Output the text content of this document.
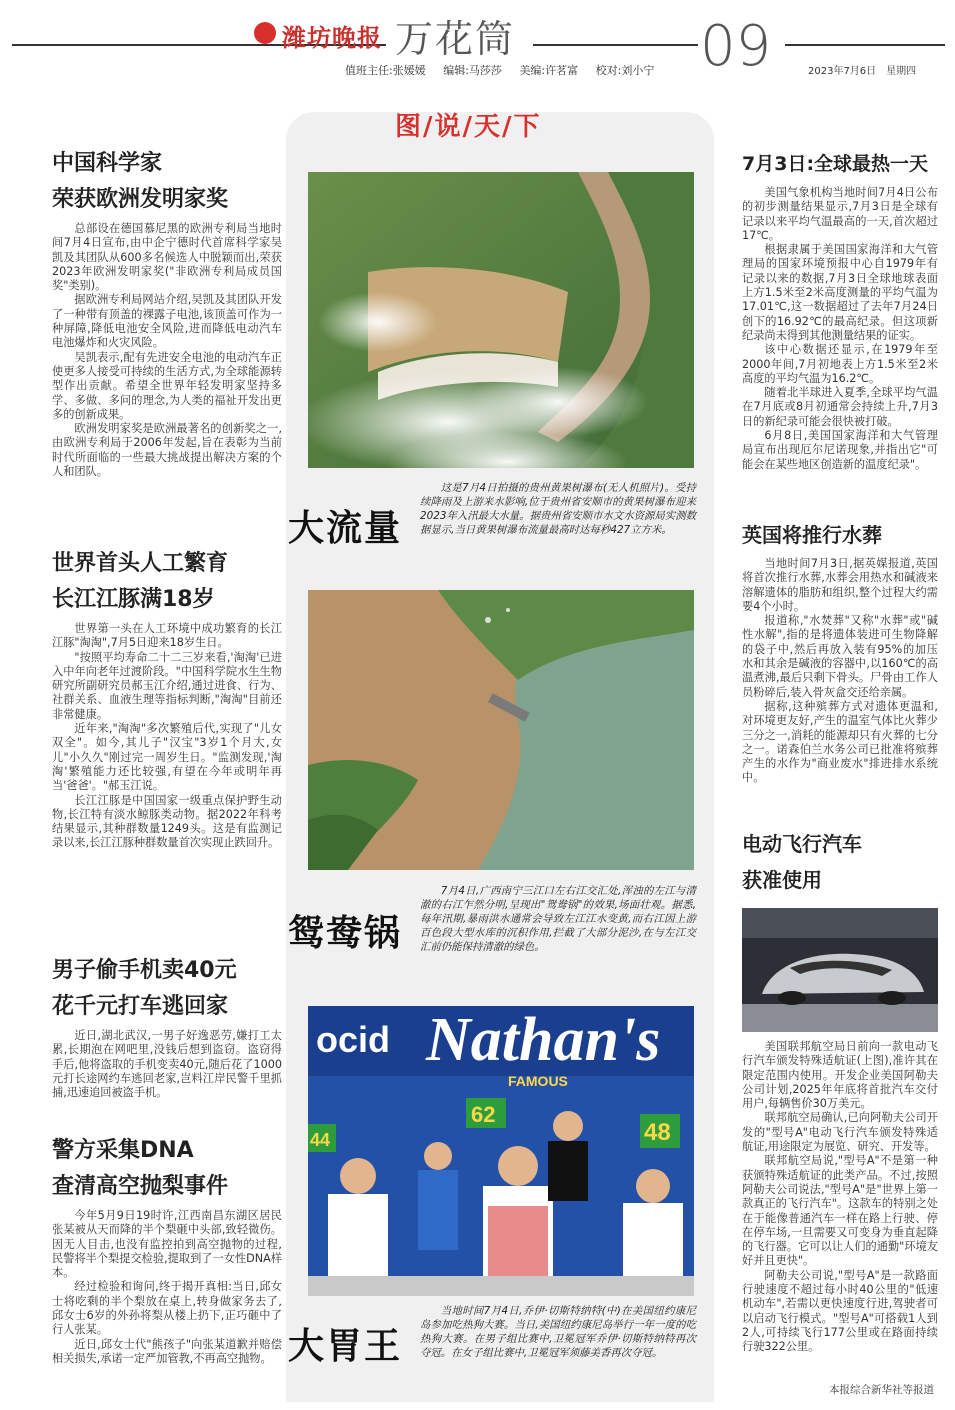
潍坊晚报 万花筒	09
值班主任:张媛媛 编辑:马莎莎 美编:许茗富 校对:刘小宁	2023年7月6日　星期四
中国科学家
荣获欧洲发明家奖

总部设在德国慕尼黑的欧洲专利局当地时间7月4日宣布,由中企宁德时代首席科学家吴凯及其团队从600多名候选人中脱颖而出,荣获2023年欧洲发明家奖("非欧洲专利局成员国奖"类别)。

据欧洲专利局网站介绍,吴凯及其团队开发了一种带有顶盖的裸露子电池,该顶盖可作为一种屏障,降低电池安全风险,进而降低电动汽车电池爆炸和火灾风险。

吴凯表示,配有先进安全电池的电动汽车正使更多人接受可持续的生活方式,为全球能源转型作出贡献。希望全世界年轻发明家坚持多学、多做、多问的理念,为人类的福祉开发出更多的创新成果。

欧洲发明家奖是欧洲最著名的创新奖之一,由欧洲专利局于2006年发起,旨在表彰为当前时代所面临的一些最大挑战提出解决方案的个人和团队。

世界首头人工繁育
长江江豚满18岁

世界第一头在人工环境中成功繁育的长江江豚"淘淘",7月5日迎来18岁生日。

"按照平均寿命二十二三岁来看,'淘淘'已进入中年向老年过渡阶段。"中国科学院水生生物研究所副研究员郝玉江介绍,通过进食、行为、社群关系、血液生理等指标判断,"淘淘"目前还非常健康。

近年来,"淘淘"多次繁殖后代,实现了"儿女双全"。如今,其儿子"汉宝"3岁1个月大,女儿"小久久"刚过完一周岁生日。"监测发现,'淘淘'繁殖能力还比较强,有望在今年或明年再当'爸爸'。"郝玉江说。

长江江豚是中国国家一级重点保护野生动物,长江特有淡水鲸豚类动物。据2022年科考结果显示,其种群数量1249头。这是有监测记录以来,长江江豚种群数量首次实现止跌回升。

男子偷手机卖40元
花千元打车逃回家

近日,湖北武汉,一男子好逸恶劳,嫌打工太累,长期泡在网吧里,没钱后想到盗窃。盗窃得手后,他将盗取的手机变卖40元,随后花了1000元打长途网约车逃回老家,岂料江岸民警千里抓捕,迅速追回被盗手机。

警方采集DNA
查清高空抛梨事件

今年5月9日19时许,江西南昌东湖区居民张某被从天而降的半个梨砸中头部,致轻微伤。因无人目击,也没有监控拍到高空抛物的过程,民警将半个梨提交检验,提取到了一女性DNA样本。

经过检验和询问,终于揭开真相:当日,邱女士将吃剩的半个梨放在桌上,转身做家务去了,邱女士6岁的外孙将梨从楼上扔下,正巧砸中了行人张某。

近日,邱女士代"熊孩子"向张某道歉并赔偿相关损失,承诺一定严加管教,不再高空抛物。

图/说/天/下
大流量

这是7月4日拍摄的贵州黄果树瀑布(无人机照片)。受持续降雨及上游来水影响,位于贵州省安顺市的黄果树瀑布迎来2023年入汛最大水量。据贵州省安顺市水文水资源局实测数据显示,当日黄果树瀑布流量最高时达每秒427立方米。

鸳鸯锅

7月4日,广西南宁三江口左右江交汇处,浑浊的左江与清澈的右江乍然分明,呈现出"鸳鸯锅"的效果,场面壮观。据悉,每年汛期,暴雨洪水通常会导致左江江水变黄,而右江因上游百色段大型水库的沉积作用,拦截了大部分泥沙,在与左江交汇前仍能保持清澈的绿色。

ocid Nathan's
FAMOUS
62
48
44
大胃王

当地时间7月4日,乔伊·切斯特纳特(中)在美国纽约康尼岛参加吃热狗大赛。当日,美国纽约康尼岛举行一年一度的吃热狗大赛。在男子组比赛中,卫冕冠军乔伊·切斯特纳特再次夺冠。在女子组比赛中,卫冕冠军须藤美香再次夺冠。

7月3日:全球最热一天

美国气象机构当地时间7月4日公布的初步测量结果显示,7月3日是全球有记录以来平均气温最高的一天,首次超过17℃。

根据隶属于美国国家海洋和大气管理局的国家环境预报中心自1979年有记录以来的数据,7月3日全球地球表面上方1.5米至2米高度测量的平均气温为17.01℃,这一数据超过了去年7月24日创下的16.92℃的最高纪录。但这项新纪录尚未得到其他测量结果的证实。

该中心数据还显示,在1979年至2000年间,7月初地表上方1.5米至2米高度的平均气温为16.2℃。

随着北半球进入夏季,全球平均气温在7月底或8月初通常会持续上升,7月3日的新纪录可能会很快被打破。

6月8日,美国国家海洋和大气管理局宣布出现厄尔尼诺现象,并指出它"可能会在某些地区创造新的温度纪录"。

英国将推行水葬

当地时间7月3日,据英媒报道,英国将首次推行水葬,水葬会用热水和碱液来溶解遗体的脂肪和组织,整个过程大约需要4个小时。

报道称,"水焚葬"又称"水葬"或"碱性水解",指的是将遗体装进可生物降解的袋子中,然后再放入装有95%的加压水和其余是碱液的容器中,以160℃的高温煮沸,最后只剩下骨头。尸骨由工作人员粉碎后,装入骨灰盒交还给亲属。

据称,这种殡葬方式对遗体更温和,对环境更友好,产生的温室气体比火葬少三分之一,消耗的能源却只有火葬的七分之一。诺森伯兰水务公司已批准将殡葬产生的水作为"商业废水"排进排水系统中。

电动飞行汽车
获准使用

美国联邦航空局日前向一款电动飞行汽车颁发特殊适航证(上图),准许其在限定范围内使用。开发企业美国阿勒夫公司计划,2025年年底将首批汽车交付用户,每辆售价30万美元。

联邦航空局确认,已向阿勒夫公司开发的"型号A"电动飞行汽车颁发特殊适航证,用途限定为展览、研究、开发等。

联邦航空局说,"型号A"不是第一种获颁特殊适航证的此类产品。不过,按照阿勒夫公司说法,"型号A"是"世界上第一款真正的飞行汽车"。这款车的特别之处在于能像普通汽车一样在路上行驶、停在停车场,一旦需要又可变身为垂直起降的飞行器。它可以让人们的通勤"环境友好并且更快"。

阿勒夫公司说,"型号A"是一款路面行驶速度不超过每小时40公里的"低速机动车",若需以更快速度行进,驾驶者可以启动飞行模式。"型号A"可搭载1人到2人,可持续飞行177公里或在路面持续行驶322公里。

本报综合新华社等报道
